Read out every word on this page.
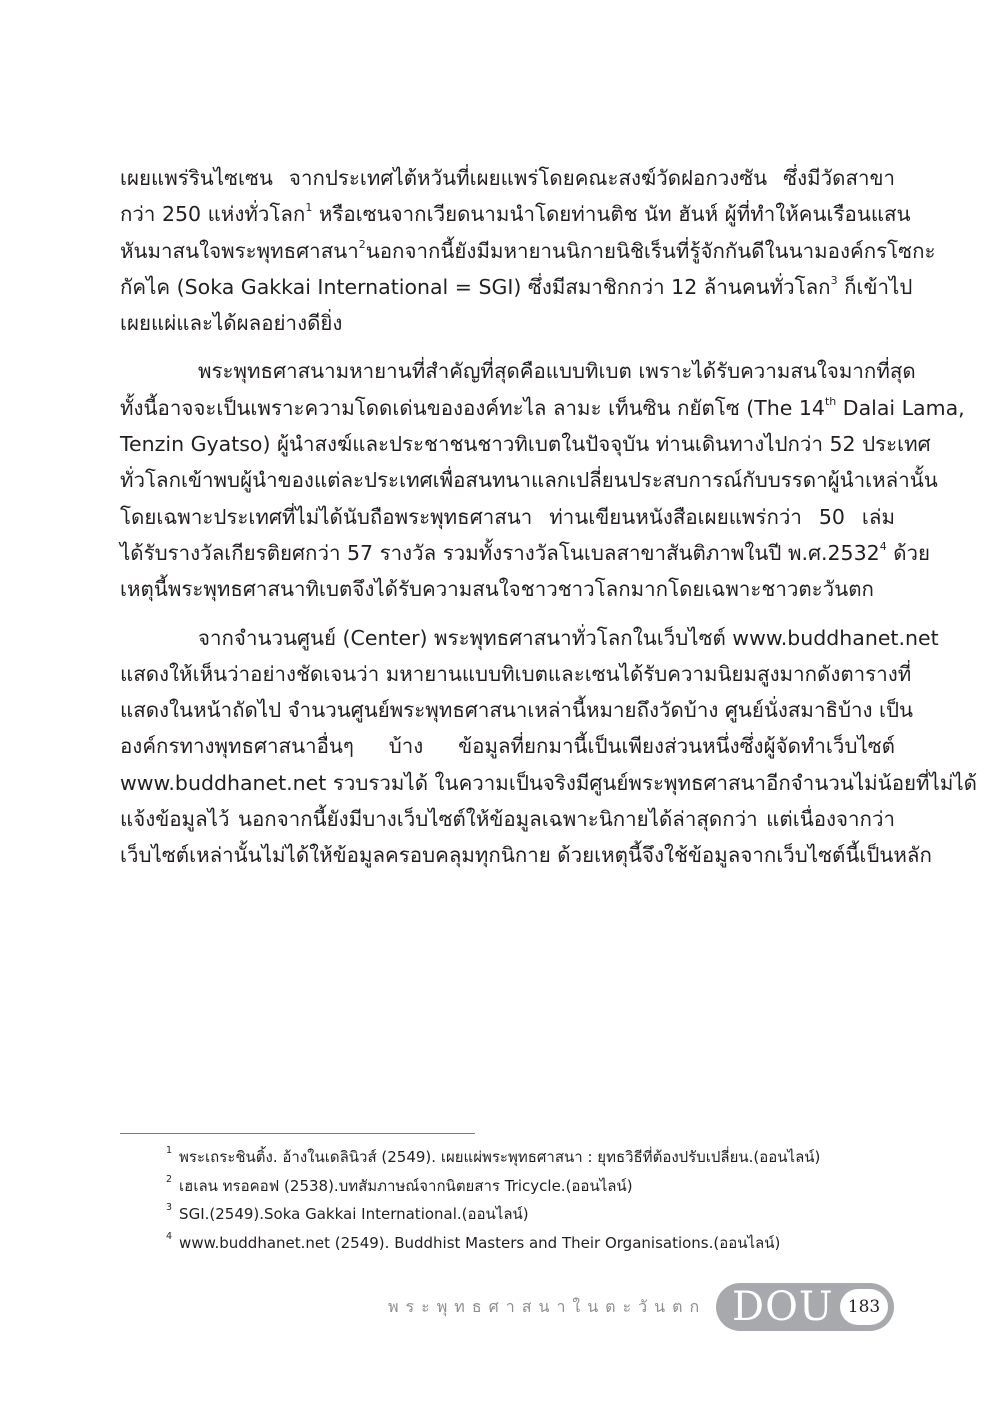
เผยแพร่รินไซเซน จากประเทศไต้หวันที่เผยแพร่โดยคณะสงฆ์วัดฝอกวงซัน ซึ่งมีวัดสาขา
กว่า 250 แห่งทั่วโลก$^1$ หรือเซนจากเวียดนามนำโดยท่านติช นัท ฮันห์ ผู้ที่ทำให้คนเรือนแสน
หันมาสนใจพระพุทธศาสนา$^2$นอกจากนี้ยังมีมหายานนิกายนิชิเร็นที่รู้จักกันดีในนามองค์กรโซกะ
กัคไค (Soka Gakkai International = SGI) ซึ่งมีสมาชิกกว่า 12 ล้านคนทั่วโลก$^3$ ก็เข้าไป
เผยแผ่และได้ผลอย่างดียิ่ง
พระพุทธศาสนามหายานที่สำคัญที่สุดคือแบบทิเบต เพราะได้รับความสนใจมากที่สุด
ทั้งนี้อาจจะเป็นเพราะความโดดเด่นขององค์ทะไล ลามะ เท็นซิน กยัตโซ (The 14th Dalai Lama,
Tenzin Gyatso) ผู้นำสงฆ์และประชาชนชาวทิเบตในปัจจุบัน ท่านเดินทางไปกว่า 52 ประเทศ
ทั่วโลกเข้าพบผู้นำของแต่ละประเทศเพื่อสนทนาแลกเปลี่ยนประสบการณ์กับบรรดาผู้นำเหล่านั้น
โดยเฉพาะประเทศที่ไม่ได้นับถือพระพุทธศาสนา ท่านเขียนหนังสือเผยแพร่กว่า 50 เล่ม
ได้รับรางวัลเกียรติยศกว่า 57 รางวัล รวมทั้งรางวัลโนเบลสาขาสันติภาพในปี พ.ศ.2532$^4$ ด้วย
เหตุนี้พระพุทธศาสนาทิเบตจึงได้รับความสนใจชาวชาวโลกมากโดยเฉพาะชาวตะวันตก
จากจำนวนศูนย์ (Center) พระพุทธศาสนาทั่วโลกในเว็บไซต์ www.buddhanet.net
แสดงให้เห็นว่าอย่างชัดเจนว่า มหายานแบบทิเบตและเซนได้รับความนิยมสูงมากดังตารางที่
แสดงในหน้าถัดไป จำนวนศูนย์พระพุทธศาสนาเหล่านี้หมายถึงวัดบ้าง ศูนย์นั่งสมาธิบ้าง เป็น
องค์กรทางพุทธศาสนาอื่นๆ บ้าง ข้อมูลที่ยกมานี้เป็นเพียงส่วนหนึ่งซึ่งผู้จัดทำเว็บไซต์
www.buddhanet.net รวบรวมได้ ในความเป็นจริงมีศูนย์พระพุทธศาสนาอีกจำนวนไม่น้อยที่ไม่ได้
แจ้งข้อมูลไว้ นอกจากนี้ยังมีบางเว็บไซต์ให้ข้อมูลเฉพาะนิกายได้ล่าสุดกว่า แต่เนื่องจากว่า
เว็บไซต์เหล่านั้นไม่ได้ให้ข้อมูลครอบคลุมทุกนิกาย ด้วยเหตุนี้จึงใช้ข้อมูลจากเว็บไซต์นี้เป็นหลัก
$^1$ พระเถระชินติ้ง. อ้างในเดลินิวส์ (2549). เผยแผ่พระพุทธศาสนา : ยุทธวิธีที่ต้องปรับเปลี่ยน.(ออนไลน์)
$^2$ เฮเลน ทรอคอฟ (2538).บทสัมภาษณ์จากนิตยสาร Tricycle.(ออนไลน์)
$^3$ SGI.(2549).Soka Gakkai International.(ออนไลน์)
$^4$ www.buddhanet.net (2549). Buddhist Masters and Their Organisations.(ออนไลน์)
พระพุทธศาสนาในตะวันตก DOU 183
